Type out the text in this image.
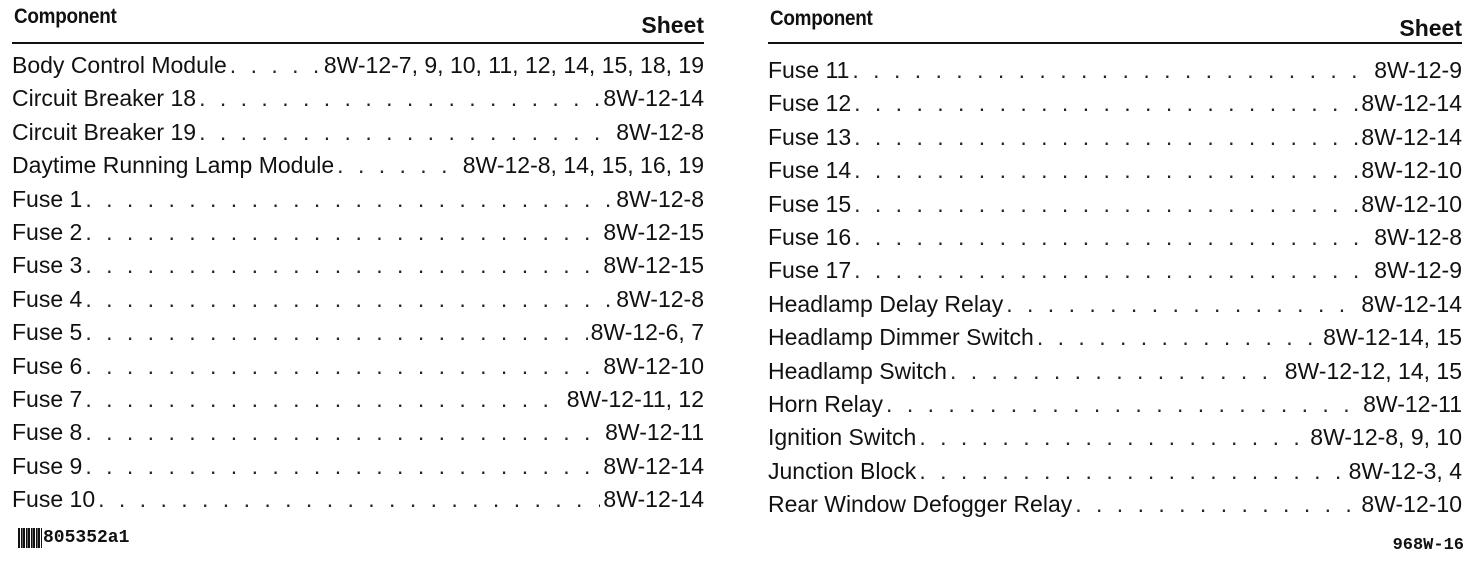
Component	Sheet
Body Control Module . . .	8W-12-7, 9, 10, 11, 12, 14, 15, 18, 19
Circuit Breaker 18 . . .	8W-12-14
Circuit Breaker 19 . . .	8W-12-8
Daytime Running Lamp Module . . .	8W-12-8, 14, 15, 16, 19
Fuse 1 . . .	8W-12-8
Fuse 2 . . .	8W-12-15
Fuse 3 . . .	8W-12-15
Fuse 4 . . .	8W-12-8
Fuse 5 . . .	8W-12-6, 7
Fuse 6 . . .	8W-12-10
Fuse 7 . . .	8W-12-11, 12
Fuse 8 . . .	8W-12-11
Fuse 9 . . .	8W-12-14
Fuse 10 . . .	8W-12-14
Component	Sheet
Fuse 11 . . .	8W-12-9
Fuse 12 . . .	8W-12-14
Fuse 13 . . .	8W-12-14
Fuse 14 . . .	8W-12-10
Fuse 15 . . .	8W-12-10
Fuse 16 . . .	8W-12-8
Fuse 17 . . .	8W-12-9
Headlamp Delay Relay . . .	8W-12-14
Headlamp Dimmer Switch . . .	8W-12-14, 15
Headlamp Switch . . .	8W-12-12, 14, 15
Horn Relay . . .	8W-12-11
Ignition Switch . . .	8W-12-8, 9, 10
Junction Block . . .	8W-12-3, 4
Rear Window Defogger Relay . . .	8W-12-10
805352a1	968W-16
